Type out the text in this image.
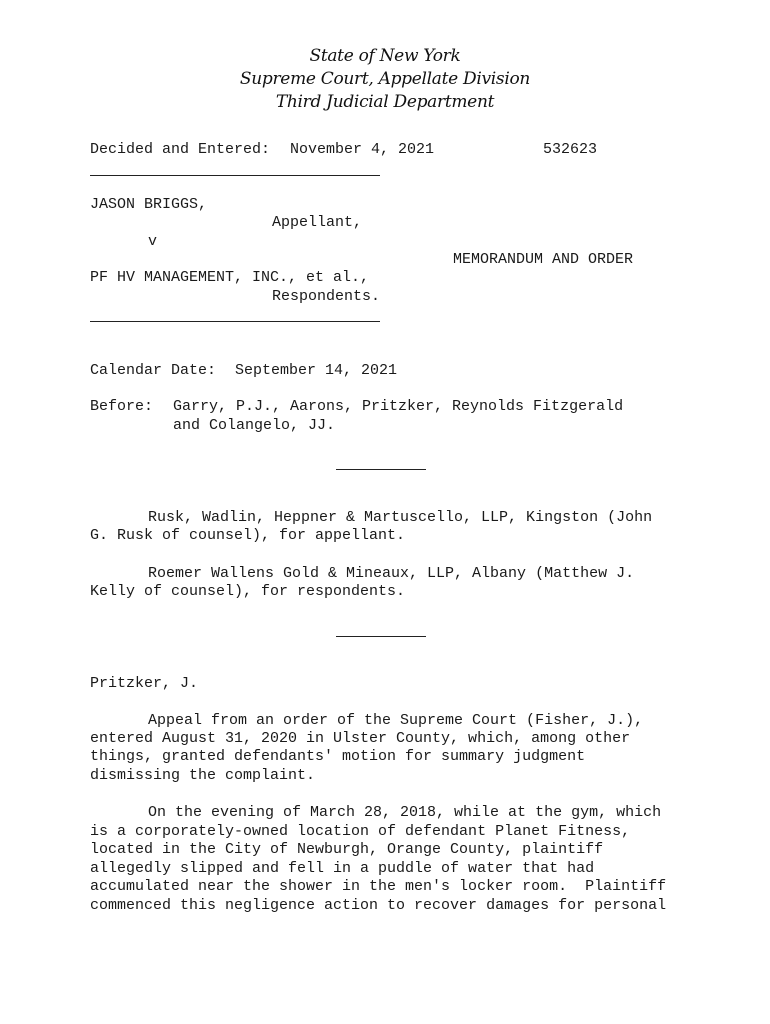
State of New York
Supreme Court, Appellate Division
Third Judicial Department
Decided and Entered: November 4, 2021	532623
JASON BRIGGS,
Appellant,
v
MEMORANDUM AND ORDER
PF HV MANAGEMENT, INC., et al.,
Respondents.
Calendar Date: September 14, 2021
Before: Garry, P.J., Aarons, Pritzker, Reynolds Fitzgerald
and Colangelo, JJ.
Rusk, Wadlin, Heppner & Martuscello, LLP, Kingston (John
G. Rusk of counsel), for appellant.
Roemer Wallens Gold & Mineaux, LLP, Albany (Matthew J.
Kelly of counsel), for respondents.
Pritzker, J.
Appeal from an order of the Supreme Court (Fisher, J.),
entered August 31, 2020 in Ulster County, which, among other
things, granted defendants' motion for summary judgment
dismissing the complaint.
On the evening of March 28, 2018, while at the gym, which
is a corporately-owned location of defendant Planet Fitness,
located in the City of Newburgh, Orange County, plaintiff
allegedly slipped and fell in a puddle of water that had
accumulated near the shower in the men's locker room.  Plaintiff
commenced this negligence action to recover damages for personal
